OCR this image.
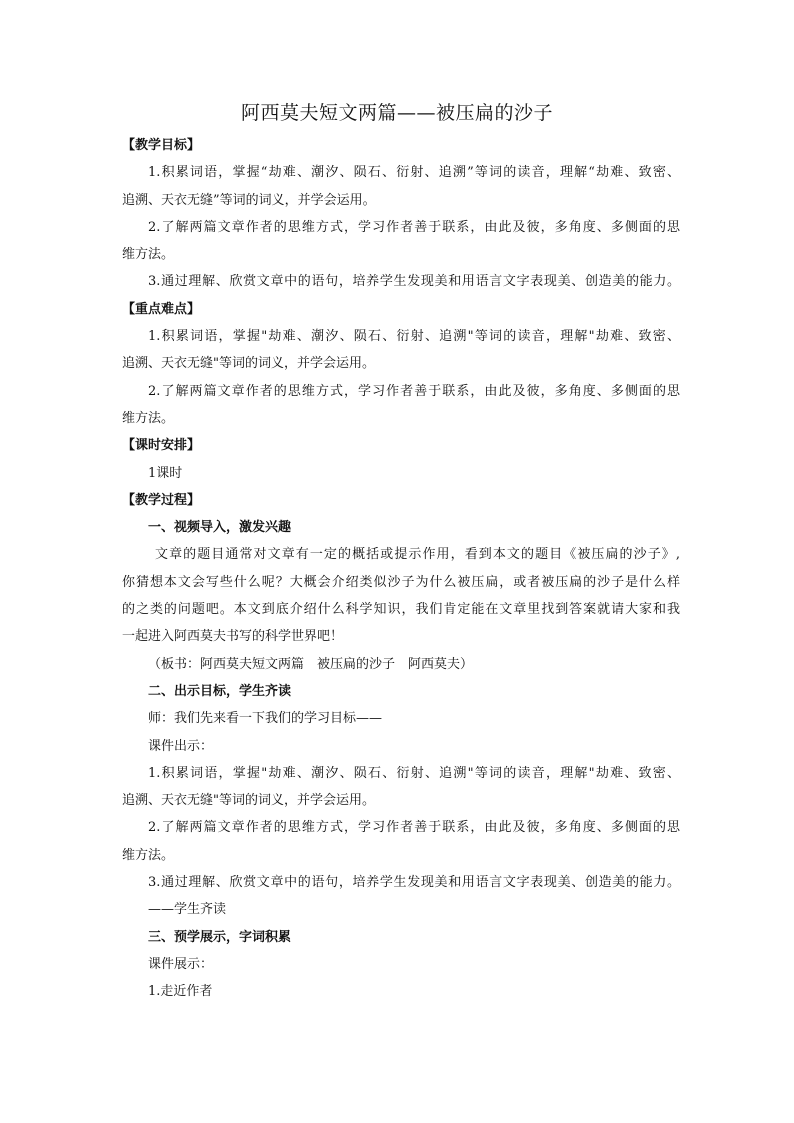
阿西莫夫短文两篇——被压扁的沙子
【教学目标】
1.积累词语，掌握“劫难、潮汐、陨石、衍射、追溯”等词的读音，理解“劫难、致密、
追溯、天衣无缝”等词的词义，并学会运用。
2.了解两篇文章作者的思维方式，学习作者善于联系，由此及彼，多角度、多侧面的思
维方法。
3.通过理解、欣赏文章中的语句，培养学生发现美和用语言文字表现美、创造美的能力。
【重点难点】
1.积累词语，掌握"劫难、潮汐、陨石、衍射、追溯"等词的读音，理解"劫难、致密、
追溯、天衣无缝"等词的词义，并学会运用。
2.了解两篇文章作者的思维方式，学习作者善于联系，由此及彼，多角度、多侧面的思
维方法。
【课时安排】
1课时
【教学过程】
一、视频导入，激发兴趣
文章的题目通常对文章有一定的概括或提示作用，看到本文的题目《被压扁的沙子》,
你猜想本文会写些什么呢？大概会介绍类似沙子为什么被压扁，或者被压扁的沙子是什么样
的之类的问题吧。本文到底介绍什么科学知识，我们肯定能在文章里找到答案就请大家和我
一起进入阿西莫夫书写的科学世界吧！
（板书：阿西莫夫短文两篇　被压扁的沙子　阿西莫夫）
二、出示目标，学生齐读
师：我们先来看一下我们的学习目标——
课件出示：
1.积累词语，掌握"劫难、潮汐、陨石、衍射、追溯"等词的读音，理解"劫难、致密、
追溯、天衣无缝"等词的词义，并学会运用。
2.了解两篇文章作者的思维方式，学习作者善于联系，由此及彼，多角度、多侧面的思
维方法。
3.通过理解、欣赏文章中的语句，培养学生发现美和用语言文字表现美、创造美的能力。
——学生齐读
三、预学展示，字词积累
课件展示：
1.走近作者
